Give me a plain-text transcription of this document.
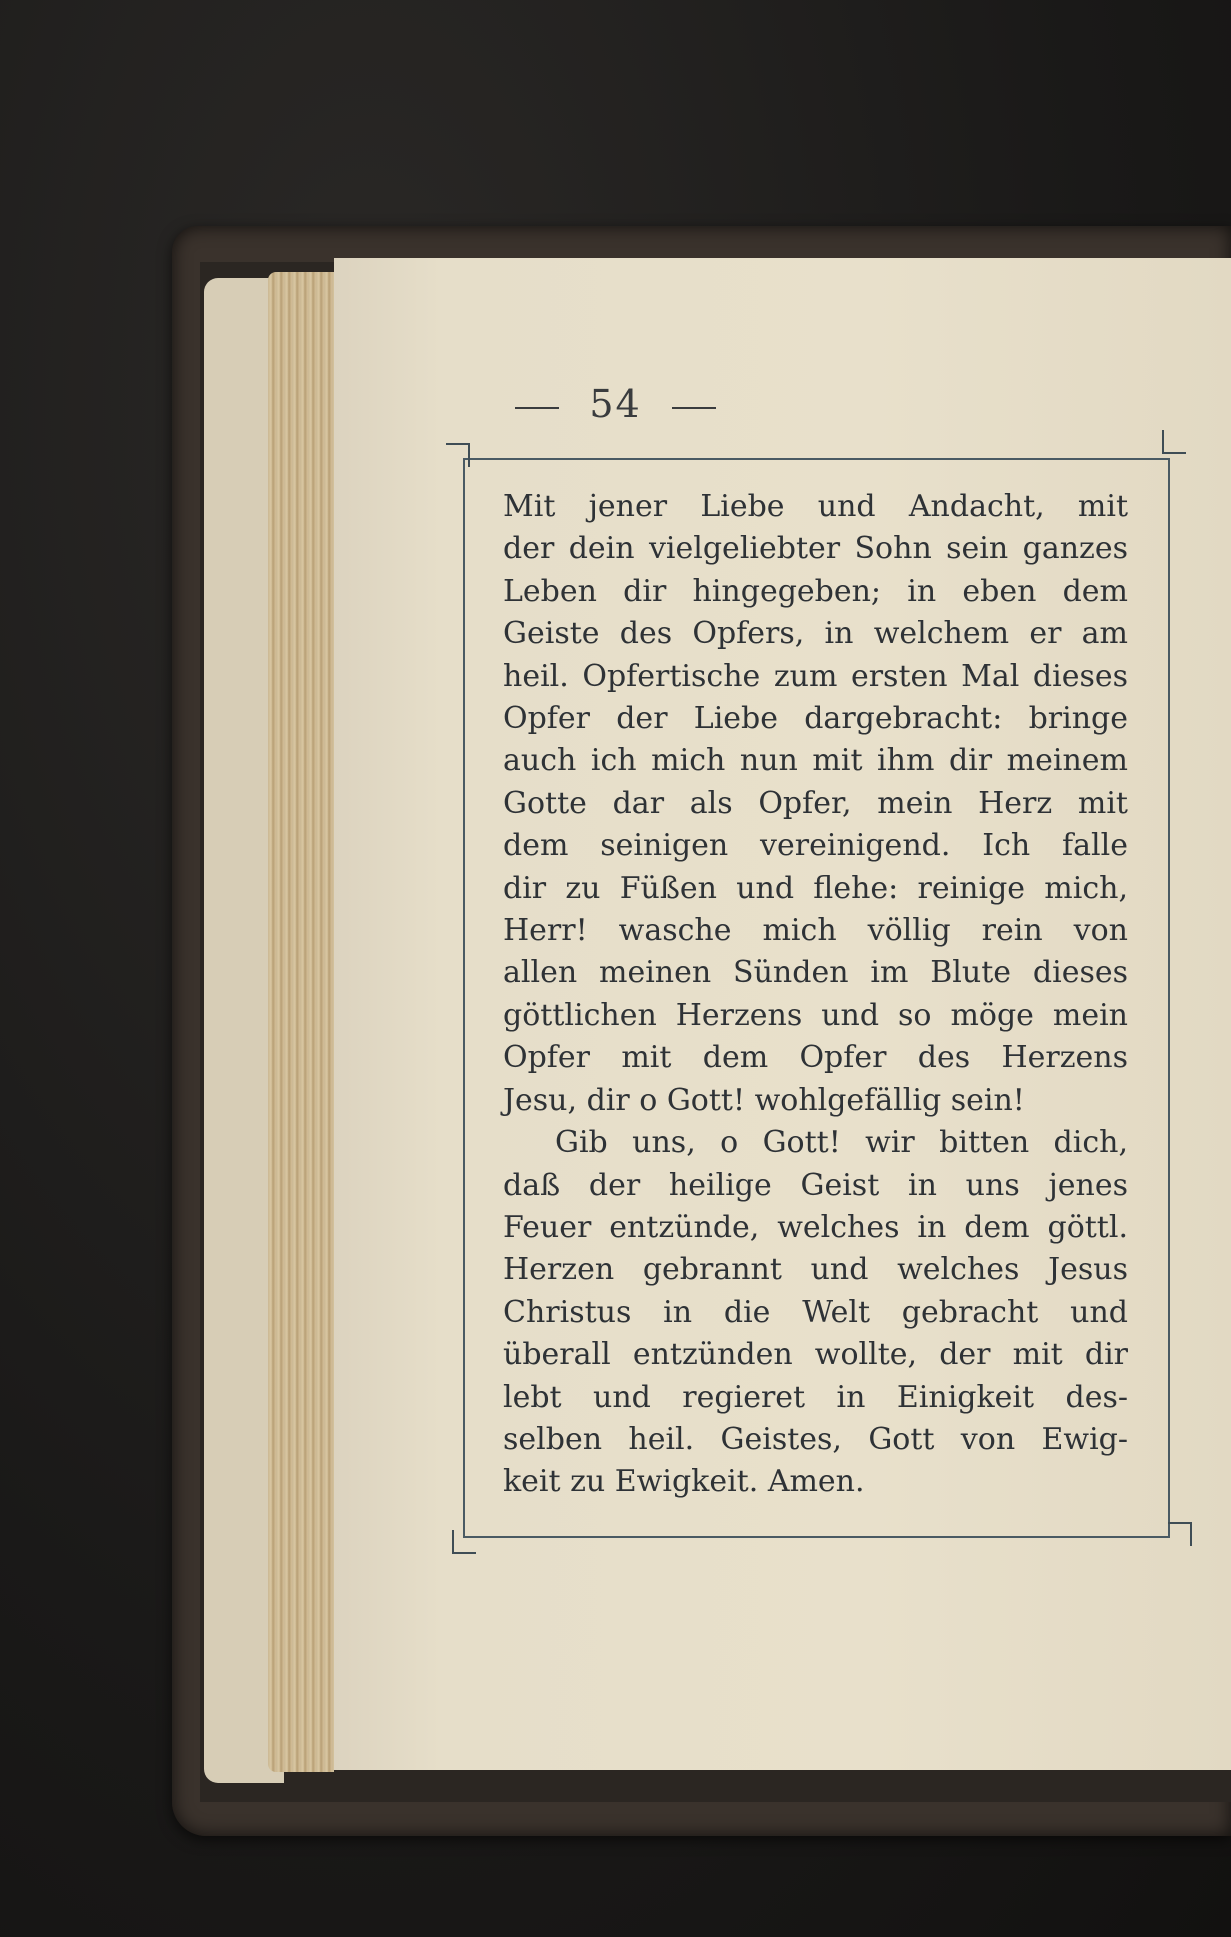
54
Mit jener Liebe und Andacht, mit
der dein vielgeliebter Sohn sein ganzes
Leben dir hingegeben; in eben dem
Geiste des Opfers, in welchem er am
heil. Opfertische zum ersten Mal dieses
Opfer der Liebe dargebracht: bringe
auch ich mich nun mit ihm dir meinem
Gotte dar als Opfer, mein Herz mit
dem seinigen vereinigend. Ich falle
dir zu Füßen und flehe: reinige mich,
Herr! wasche mich völlig rein von
allen meinen Sünden im Blute dieses
göttlichen Herzens und so möge mein
Opfer mit dem Opfer des Herzens
Jesu, dir o Gott! wohlgefällig sein!
Gib uns, o Gott! wir bitten dich,
daß der heilige Geist in uns jenes
Feuer entzünde, welches in dem göttl.
Herzen gebrannt und welches Jesus
Christus in die Welt gebracht und
überall entzünden wollte, der mit dir
lebt und regieret in Einigkeit des-
selben heil. Geistes, Gott von Ewig-
keit zu Ewigkeit. Amen.
